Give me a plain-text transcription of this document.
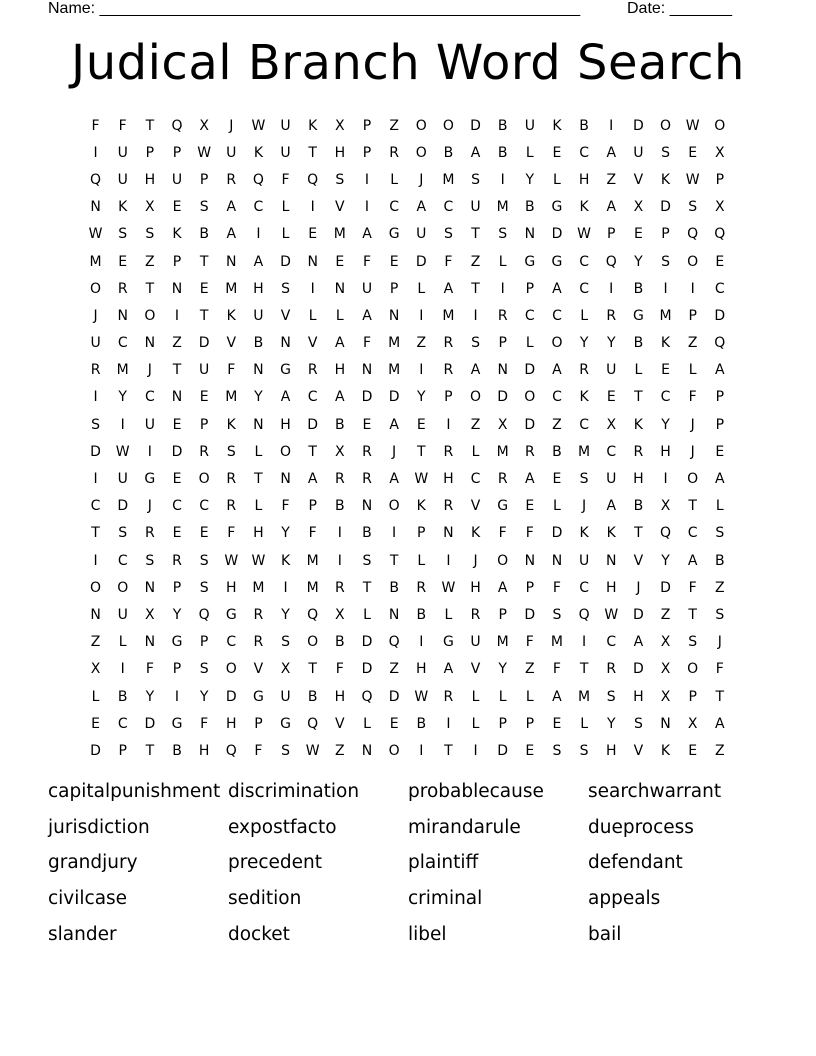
Name: ______________________________________________________	Date: _______
Judical Branch Word Search
F	F	T	Q	X	J	W	U	K	X	P	Z	O	O	D	B	U	K	B	I	D	O	W	O
I	U	P	P	W	U	K	U	T	H	P	R	O	B	A	B	L	E	C	A	U	S	E	X
Q	U	H	U	P	R	Q	F	Q	S	I	L	J	M	S	I	Y	L	H	Z	V	K	W	P
N	K	X	E	S	A	C	L	I	V	I	C	A	C	U	M	B	G	K	A	X	D	S	X
W	S	S	K	B	A	I	L	E	M	A	G	U	S	T	S	N	D	W	P	E	P	Q	Q
M	E	Z	P	T	N	A	D	N	E	F	E	D	F	Z	L	G	G	C	Q	Y	S	O	E
O	R	T	N	E	M	H	S	I	N	U	P	L	A	T	I	P	A	C	I	B	I	I	C
J	N	O	I	T	K	U	V	L	L	A	N	I	M	I	R	C	C	L	R	G	M	P	D
U	C	N	Z	D	V	B	N	V	A	F	M	Z	R	S	P	L	O	Y	Y	B	K	Z	Q
R	M	J	T	U	F	N	G	R	H	N	M	I	R	A	N	D	A	R	U	L	E	L	A
I	Y	C	N	E	M	Y	A	C	A	D	D	Y	P	O	D	O	C	K	E	T	C	F	P
S	I	U	E	P	K	N	H	D	B	E	A	E	I	Z	X	D	Z	C	X	K	Y	J	P
D	W	I	D	R	S	L	O	T	X	R	J	T	R	L	M	R	B	M	C	R	H	J	E
I	U	G	E	O	R	T	N	A	R	R	A	W	H	C	R	A	E	S	U	H	I	O	A
C	D	J	C	C	R	L	F	P	B	N	O	K	R	V	G	E	L	J	A	B	X	T	L
T	S	R	E	E	F	H	Y	F	I	B	I	P	N	K	F	F	D	K	K	T	Q	C	S
I	C	S	R	S	W W	K	M	I	S	T	L	I	J	O	N	N	U	N	V	Y	A	B
O	O	N	P	S	H	M	I	M	R	T	B	R	W	H	A	P	F	C	H	J	D	F	Z
N	U	X	Y	Q	G	R	Y	Q	X	L	N	B	L	R	P	D	S	Q	W	D	Z	T	S
Z	L	N	G	P	C	R	S	O	B	D	Q	I	G	U	M	F	M	I	C	A	X	S	J
X	I	F	P	S	O	V	X	T	F	D	Z	H	A	V	Y	Z	F	T	R	D	X	O	F
L	B	Y	I	Y	D	G	U	B	H	Q	D	W	R	L	L	L	A	M	S	H	X	P	T
E	C	D	G	F	H	P	G	Q	V	L	E	B	I	L	P	P	E	L	Y	S	N	X	A
D	P	T	B	H	Q	F	S	W	Z	N	O	I	T	I	D	E	S	S	H	V	K	E	Z
capitalpunishment discrimination	probablecause	searchwarrant
jurisdiction	expostfacto	mirandarule	dueprocess
grandjury	precedent	plaintiff	defendant
civilcase	sedition	criminal	appeals
slander	docket	libel	bail
